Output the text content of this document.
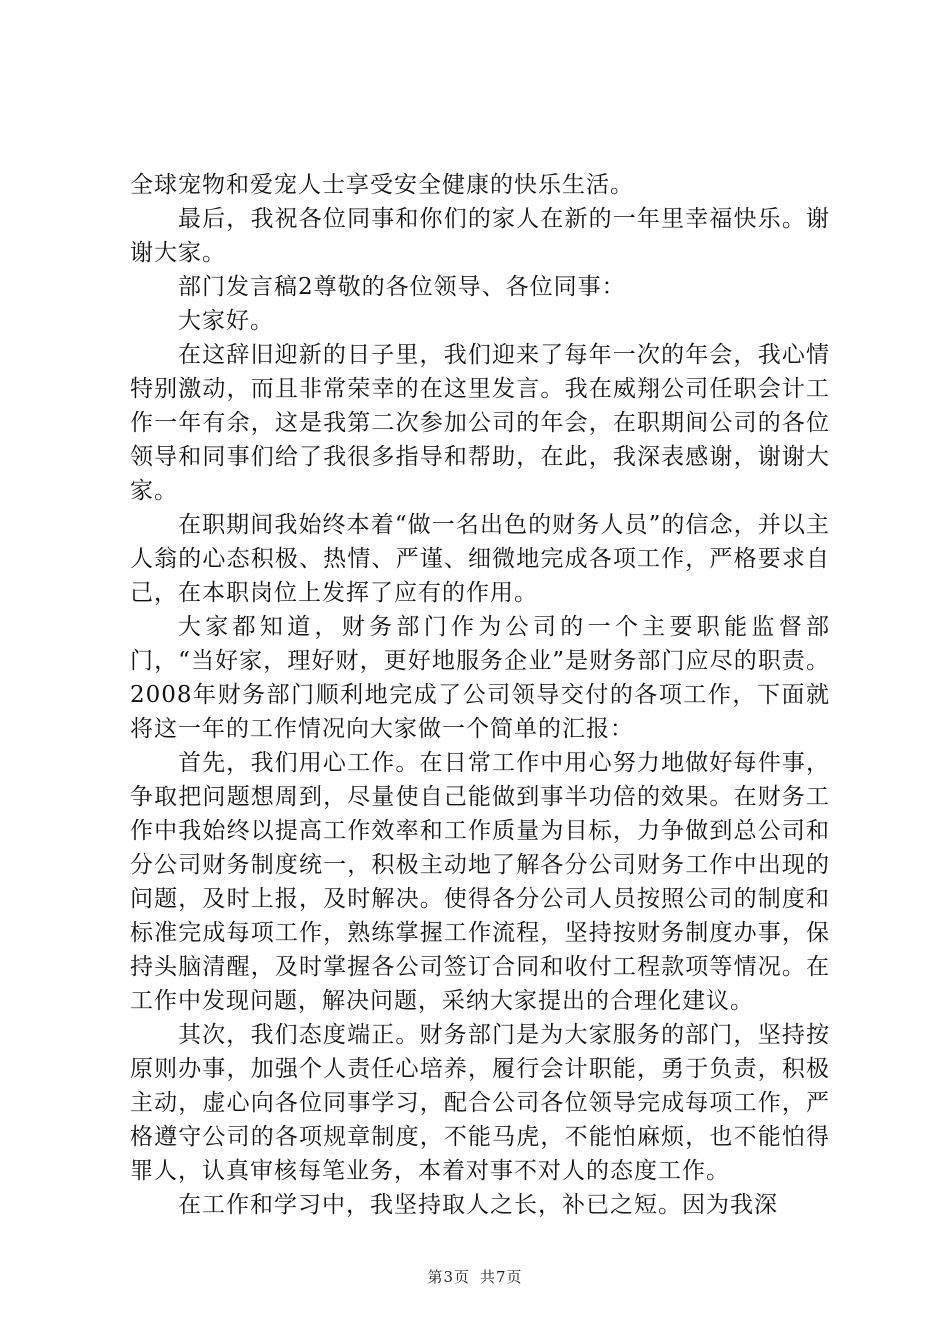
全球宠物和爱宠人士享受安全健康的快乐生活。

最后，我祝各位同事和你们的家人在新的一年里幸福快乐。谢谢大家。

部门发言稿2尊敬的各位领导、各位同事：

大家好。

在这辞旧迎新的日子里，我们迎来了每年一次的年会，我心情特别激动，而且非常荣幸的在这里发言。我在威翔公司任职会计工作一年有余，这是我第二次参加公司的年会，在职期间公司的各位领导和同事们给了我很多指导和帮助，在此，我深表感谢，谢谢大家。

在职期间我始终本着“做一名出色的财务人员”的信念，并以主人翁的心态积极、热情、严谨、细微地完成各项工作，严格要求自己，在本职岗位上发挥了应有的作用。

大家都知道，财务部门作为公司的一个主要职能监督部门，“当好家，理好财，更好地服务企业”是财务部门应尽的职责。2008年财务部门顺利地完成了公司领导交付的各项工作，下面就将这一年的工作情况向大家做一个简单的汇报：

首先，我们用心工作。在日常工作中用心努力地做好每件事，争取把问题想周到，尽量使自己能做到事半功倍的效果。在财务工作中我始终以提高工作效率和工作质量为目标，力争做到总公司和分公司财务制度统一，积极主动地了解各分公司财务工作中出现的问题，及时上报，及时解决。使得各分公司人员按照公司的制度和标准完成每项工作，熟练掌握工作流程，坚持按财务制度办事，保持头脑清醒，及时掌握各公司签订合同和收付工程款项等情况。在工作中发现问题，解决问题，采纳大家提出的合理化建议。

其次，我们态度端正。财务部门是为大家服务的部门，坚持按原则办事，加强个人责任心培养，履行会计职能，勇于负责，积极主动，虚心向各位同事学习，配合公司各位领导完成每项工作，严格遵守公司的各项规章制度，不能马虎，不能怕麻烦，也不能怕得罪人，认真审核每笔业务，本着对事不对人的态度工作。

在工作和学习中，我坚持取人之长，补已之短。因为我深

第3页 共7页
